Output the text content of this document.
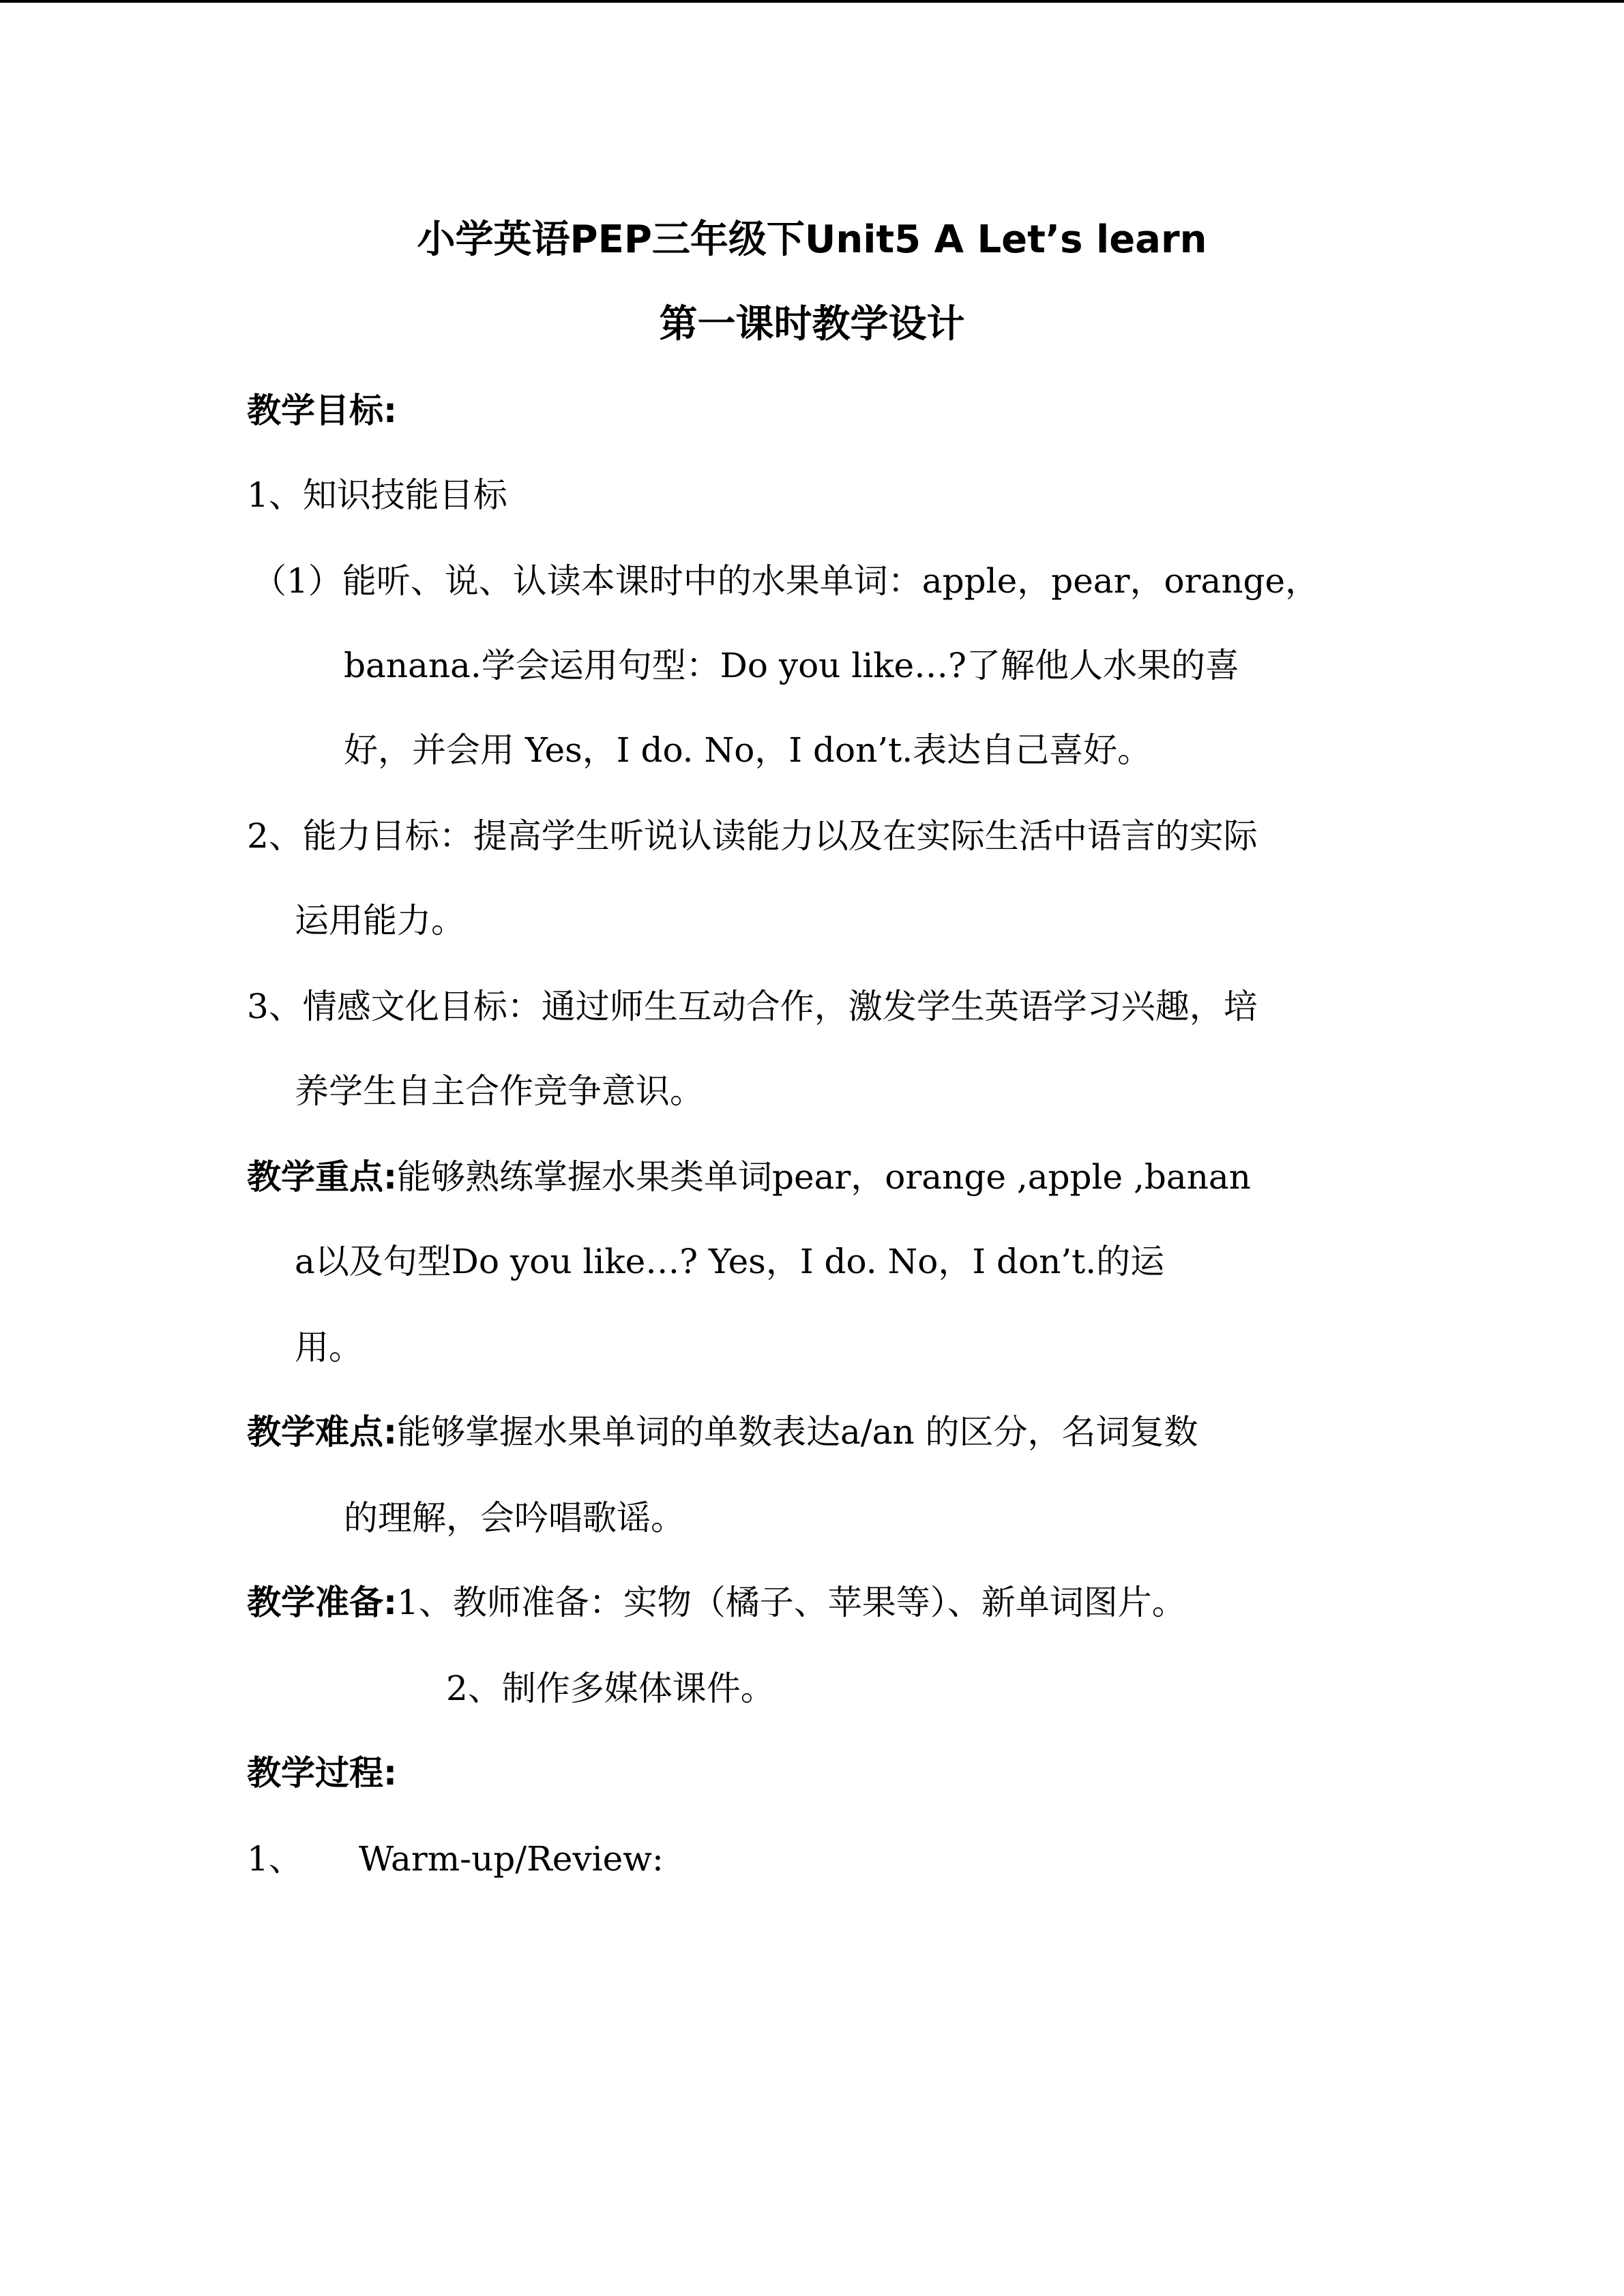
小学英语PEP三年级下Unit5 A Let’s learn
第一课时教学设计
教学目标:
1、知识技能目标
（1）能听、说、认读本课时中的水果单词：apple，pear，orange，
banana.学会运用句型：Do you like…?了解他人水果的喜
好，并会用 Yes，I do. No，I don’t.表达自己喜好。
2、能力目标：提高学生听说认读能力以及在实际生活中语言的实际
运用能力。
3、情感文化目标：通过师生互动合作，激发学生英语学习兴趣，培
养学生自主合作竞争意识。
教学重点:能够熟练掌握水果类单词pear，orange ,apple ,banan
a以及句型Do you like…? Yes，I do. No，I don’t.的运
用。
教学难点:能够掌握水果单词的单数表达a/an 的区分，名词复数
的理解，会吟唱歌谣。
教学准备:1、教师准备：实物（橘子、苹果等）、新单词图片。
2、制作多媒体课件。
教学过程:
1、 Warm-up/Review:
